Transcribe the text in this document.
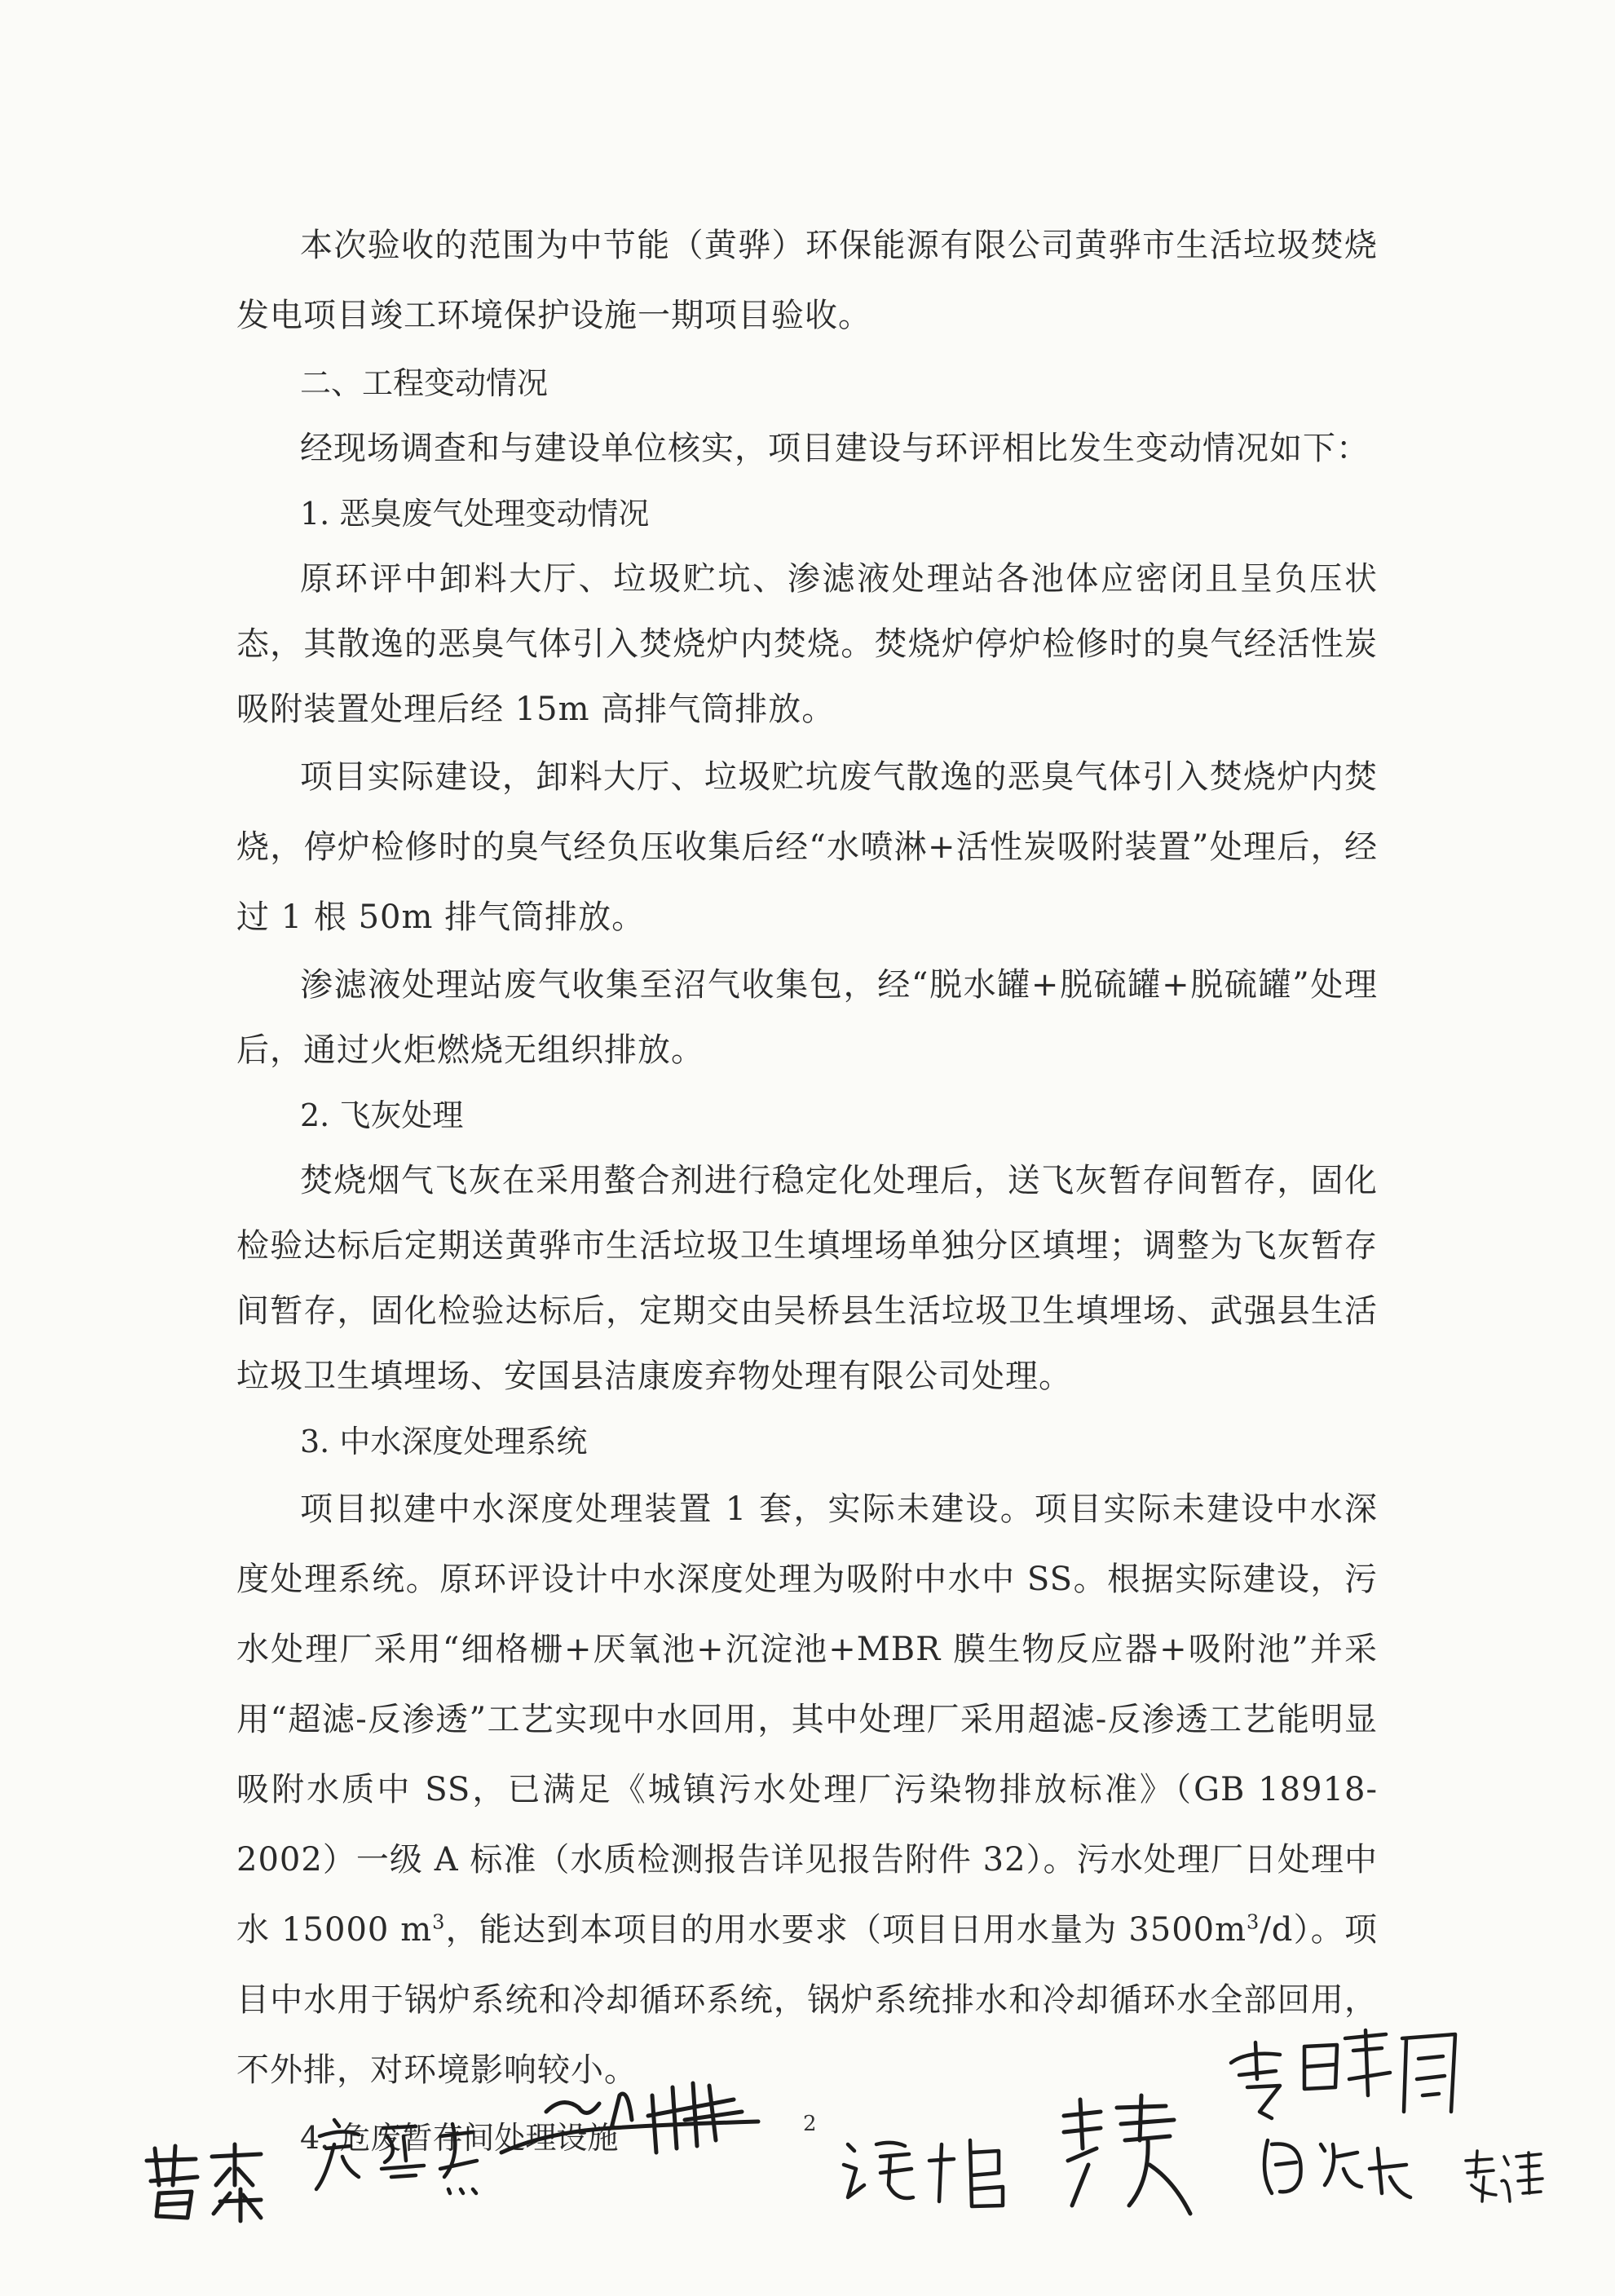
本次验收的范围为中节能（黄骅）环保能源有限公司黄骅市生活垃圾焚烧发电项目竣工环境保护设施一期项目验收。

二、工程变动情况

经现场调查和与建设单位核实，项目建设与环评相比发生变动情况如下：

1. 恶臭废气处理变动情况

原环评中卸料大厅、垃圾贮坑、渗滤液处理站各池体应密闭且呈负压状态，其散逸的恶臭气体引入焚烧炉内焚烧。焚烧炉停炉检修时的臭气经活性炭吸附装置处理后经 15m 高排气筒排放。

项目实际建设，卸料大厅、垃圾贮坑废气散逸的恶臭气体引入焚烧炉内焚烧，停炉检修时的臭气经负压收集后经“水喷淋+活性炭吸附装置”处理后，经过 1 根 50m 排气筒排放。

渗滤液处理站废气收集至沼气收集包，经“脱水罐+脱硫罐+脱硫罐”处理后，通过火炬燃烧无组织排放。

2. 飞灰处理

焚烧烟气飞灰在采用螯合剂进行稳定化处理后，送飞灰暂存间暂存，固化检验达标后定期送黄骅市生活垃圾卫生填埋场单独分区填埋；调整为飞灰暂存间暂存，固化检验达标后，定期交由吴桥县生活垃圾卫生填埋场、武强县生活垃圾卫生填埋场、安国县洁康废弃物处理有限公司处理。

3. 中水深度处理系统

项目拟建中水深度处理装置 1 套，实际未建设。项目实际未建设中水深度处理系统。原环评设计中水深度处理为吸附中水中 SS。根据实际建设，污水处理厂采用“细格栅+厌氧池+沉淀池+MBR 膜生物反应器+吸附池”并采用“超滤-反渗透”工艺实现中水回用，其中处理厂采用超滤-反渗透工艺能明显吸附水质中 SS，已满足《城镇污水处理厂污染物排放标准》（GB 18918-2002）一级 A 标准（水质检测报告详见报告附件 32）。污水处理厂日处理中水 15000 $m^3$，能达到本项目的用水要求（项目日用水量为 $3500m^3/d$）。项目中水用于锅炉系统和冷却循环系统，锅炉系统排水和冷却循环水全部回用，不外排，对环境影响较小。

4. 危废暂存间处理设施	2
